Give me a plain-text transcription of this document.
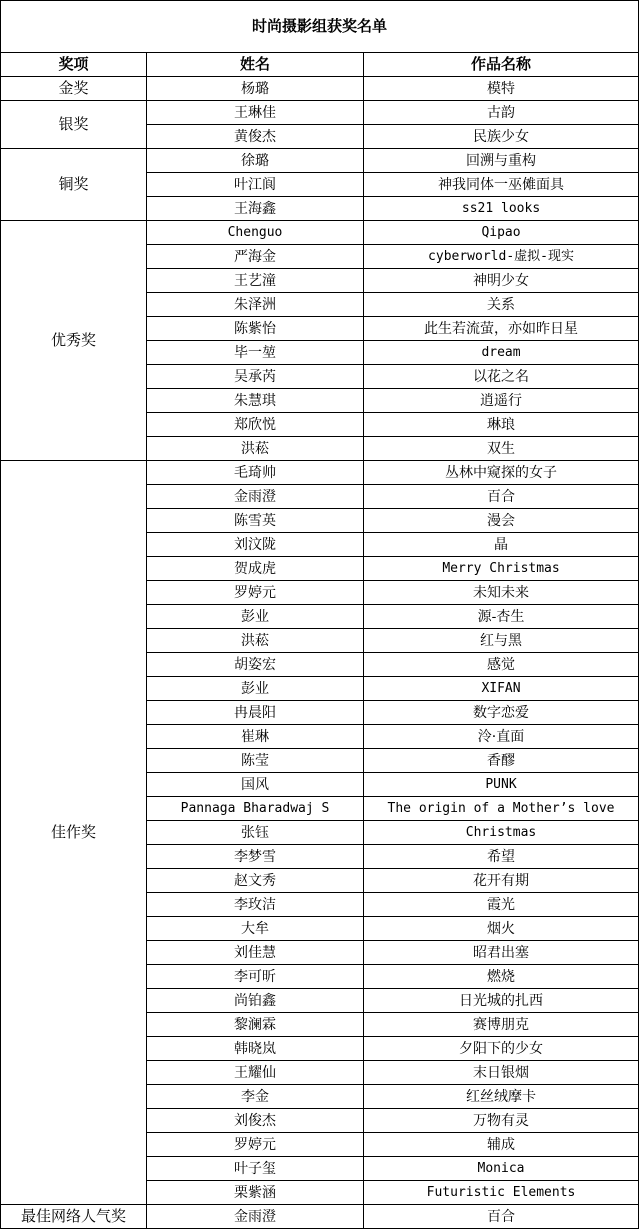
时尚摄影组获奖名单		
奖项	姓名	作品名称
金奖	杨璐	模特
银奖	王琳佳	古韵
	黄俊杰	民族少女
铜奖	徐璐	回溯与重构
	叶江阆	神我同体一巫傩面具
	王海鑫	ss21 looks
优秀奖	Chenguo	Qipao
	严海金	cyberworld-虚拟-现实
	王艺潼	神明少女
	朱泽洲	关系
	陈紫怡	此生若流萤，亦如昨日星
	毕一堃	dream
	吴承芮	以花之名
	朱慧琪	逍遥行
	郑欣悦	琳琅
	洪菘	双生
佳作奖	毛琦帅	丛林中窥探的女子
	金雨澄	百合
	陈雪英	漫会
	刘汶陇	晶
	贺成虎	Merry Christmas
	罗婷元	未知未来
	彭业	源-杏生
	洪菘	红与黑
	胡姿宏	感觉
	彭业	XIFAN
	冉晨阳	数字恋爱
	崔琳	泠·直面
	陈莹	香醪
	国风	PUNK
	Pannaga Bharadwaj S	The origin of a Mother’s love
	张钰	Christmas
	李梦雪	希望
	赵文秀	花开有期
	李玫洁	霞光
	大牟	烟火
	刘佳慧	昭君出塞
	李可昕	燃烧
	尚铂鑫	日光城的扎西
	黎澜霖	赛博朋克
	韩晓岚	夕阳下的少女
	王耀仙	末日银烟
	李金	红丝绒摩卡
	刘俊杰	万物有灵
	罗婷元	辅成
	叶子玺	Monica
	栗紫涵	Futuristic Elements
最佳网络人气奖	金雨澄	百合
